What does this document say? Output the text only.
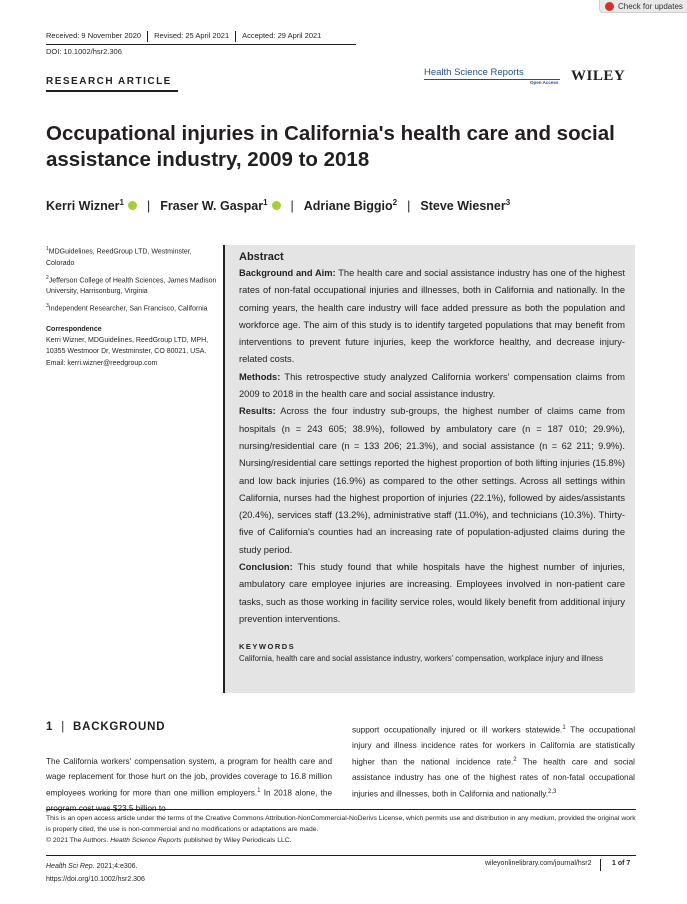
Check for updates
Received: 9 November 2020 Revised: 25 April 2021 Accepted: 29 April 2021
DOI: 10.1002/hsr2.306
RESEARCH ARTICLE
Health Science Reports
Open Access WILEY
Occupational injuries in California's health care and social assistance industry, 2009 to 2018
Kerri Wizner$^1$ | Fraser W. Gaspar$^1$ | Adriane Biggio$^2$ | Steve Wiesner$^3$

$^1$MDGuidelines, ReedGroup LTD, Westminster, Colorado

$^2$Jefferson College of Health Sciences, James Madison University, Harrisonburg, Virginia

$^3$Independent Researcher, San Francisco, California

Correspondence

Kerri Wizner, MDGuidelines, ReedGroup LTD, MPH, 10355 Westmoor Dr, Westminster, CO 80021, USA.

Email: kerri.wizner@reedgroup.com

Abstract

Background and Aim: The health care and social assistance industry has one of the highest rates of non-fatal occupational injuries and illnesses, both in California and nationally. In the coming years, the health care industry will face added pressure as both the population and workforce age. The aim of this study is to identify targeted populations that may benefit from interventions to prevent future injuries, keep the workforce healthy, and decrease injury-related costs.

Methods: This retrospective study analyzed California workers' compensation claims from 2009 to 2018 in the health care and social assistance industry.

Results: Across the four industry sub-groups, the highest number of claims came from hospitals (n = 243 605; 38.9%), followed by ambulatory care (n = 187 010; 29.9%), nursing/residential care (n = 133 206; 21.3%), and social assistance (n = 62 211; 9.9%). Nursing/residential care settings reported the highest proportion of both lifting injuries (15.8%) and low back injuries (16.9%) as compared to the other settings. Across all settings within California, nurses had the highest proportion of injuries (22.1%), followed by aides/assistants (20.4%), services staff (13.2%), administrative staff (11.0%), and technicians (10.3%). Thirty-five of California's counties had an increasing rate of population-adjusted claims during the study period.

Conclusion: This study found that while hospitals have the highest number of injuries, ambulatory care employee injuries are increasing. Employees involved in non-patient care tasks, such as those working in facility service roles, would likely benefit from additional injury prevention interventions.

KEYWORDS
California, health care and social assistance industry, workers' compensation, workplace injury and illness
1 | BACKGROUND
The California workers' compensation system, a program for health care and wage replacement for those hurt on the job, provides coverage to 16.8 million employees working for more than one million employers.$^1$ In 2018 alone, the
support occupationally injured or ill workers statewide.$^1$ The occupational injury and illness incidence rates for workers in California are statistically higher than the national incidence rate.$^2$ The health care and social assistance industry has one of the highest rates of non-fatal occupational injuries and illnesses, both in California and nationally.$^{2,3}$
This is an open access article under the terms of the Creative Commons Attribution-NonCommercial-NoDerivs License, which permits use and distribution in any medium, provided the original work is properly cited, the use is non-commercial and no modifications or adaptations are made.
© 2021 The Authors. Health Science Reports published by Wiley Periodicals LLC.
Health Sci Rep. 2021;4:e306.
https://doi.org/10.1002/hsr2.306
wileyonlinelibrary.com/journal/hsr2	1 of 7
